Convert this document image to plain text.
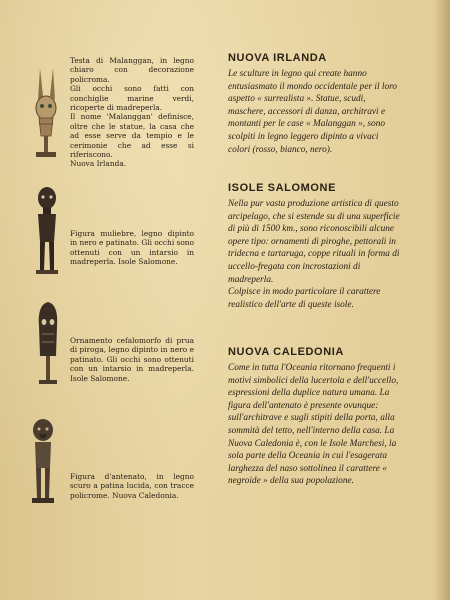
Testa di Malanggan, in legno chiaro con decorazione policroma.

Gli occhi sono fatti con conchiglie marine verdi, ricoperte di madreperla.

Il nome 'Malanggan' definisce, oltre che le statue, la casa che ad esse serve da tempio e le cerimonie che ad esse si riferiscono.

Nuova Irlanda.

Figura muliebre, legno dipinto in nero e patinato. Gli occhi sono ottenuti con un intarsio in madreperla. Isole Salomone.

Ornamento cefalomorfo di prua di piroga, legno dipinto in nero e patinato. Gli occhi sono ottenuti con un intarsio in madreperla. Isole Salomone.

Figura d'antenato, in legno scuro a patina lucida, con tracce policrome. Nuova Caledonia.

NUOVA IRLANDA

Le sculture in legno qui create hanno entusiasmato il mondo occidentale per il loro aspetto « surrealista ». Statue, scudi, maschere, accessori di danza, architravi e montanti per le case « Malanggan », sono scolpiti in legno leggero dipinto a vivaci colori (rosso, bianco, nero).

ISOLE SALOMONE

Nella pur vasta produzione artistica di questo arcipelago, che si estende su di una superficie di più di 1500 km., sono riconoscibili alcune opere tipo: ornamenti di piroghe, pettorali in tridecna e tartaruga, coppe rituali in forma di uccello-fregata con incrostazioni di madreperla.

Colpisce in modo particolare il carattere realistico dell'arte di queste isole.

NUOVA CALEDONIA

Come in tutta l'Oceania ritornano frequenti i motivi simbolici della lucertola e dell'uccello, espressioni della duplice natura umana. La figura dell'antenato è presente ovunque: sull'architrave e sugli stipiti della porta, alla sommità del tetto, nell'interno della casa. La Nuova Caledonia è, con le Isole Marchesi, la sola parte della Oceania in cui l'esagerata larghezza del naso sottolinea il carattere « negroide » della sua popolazione.
